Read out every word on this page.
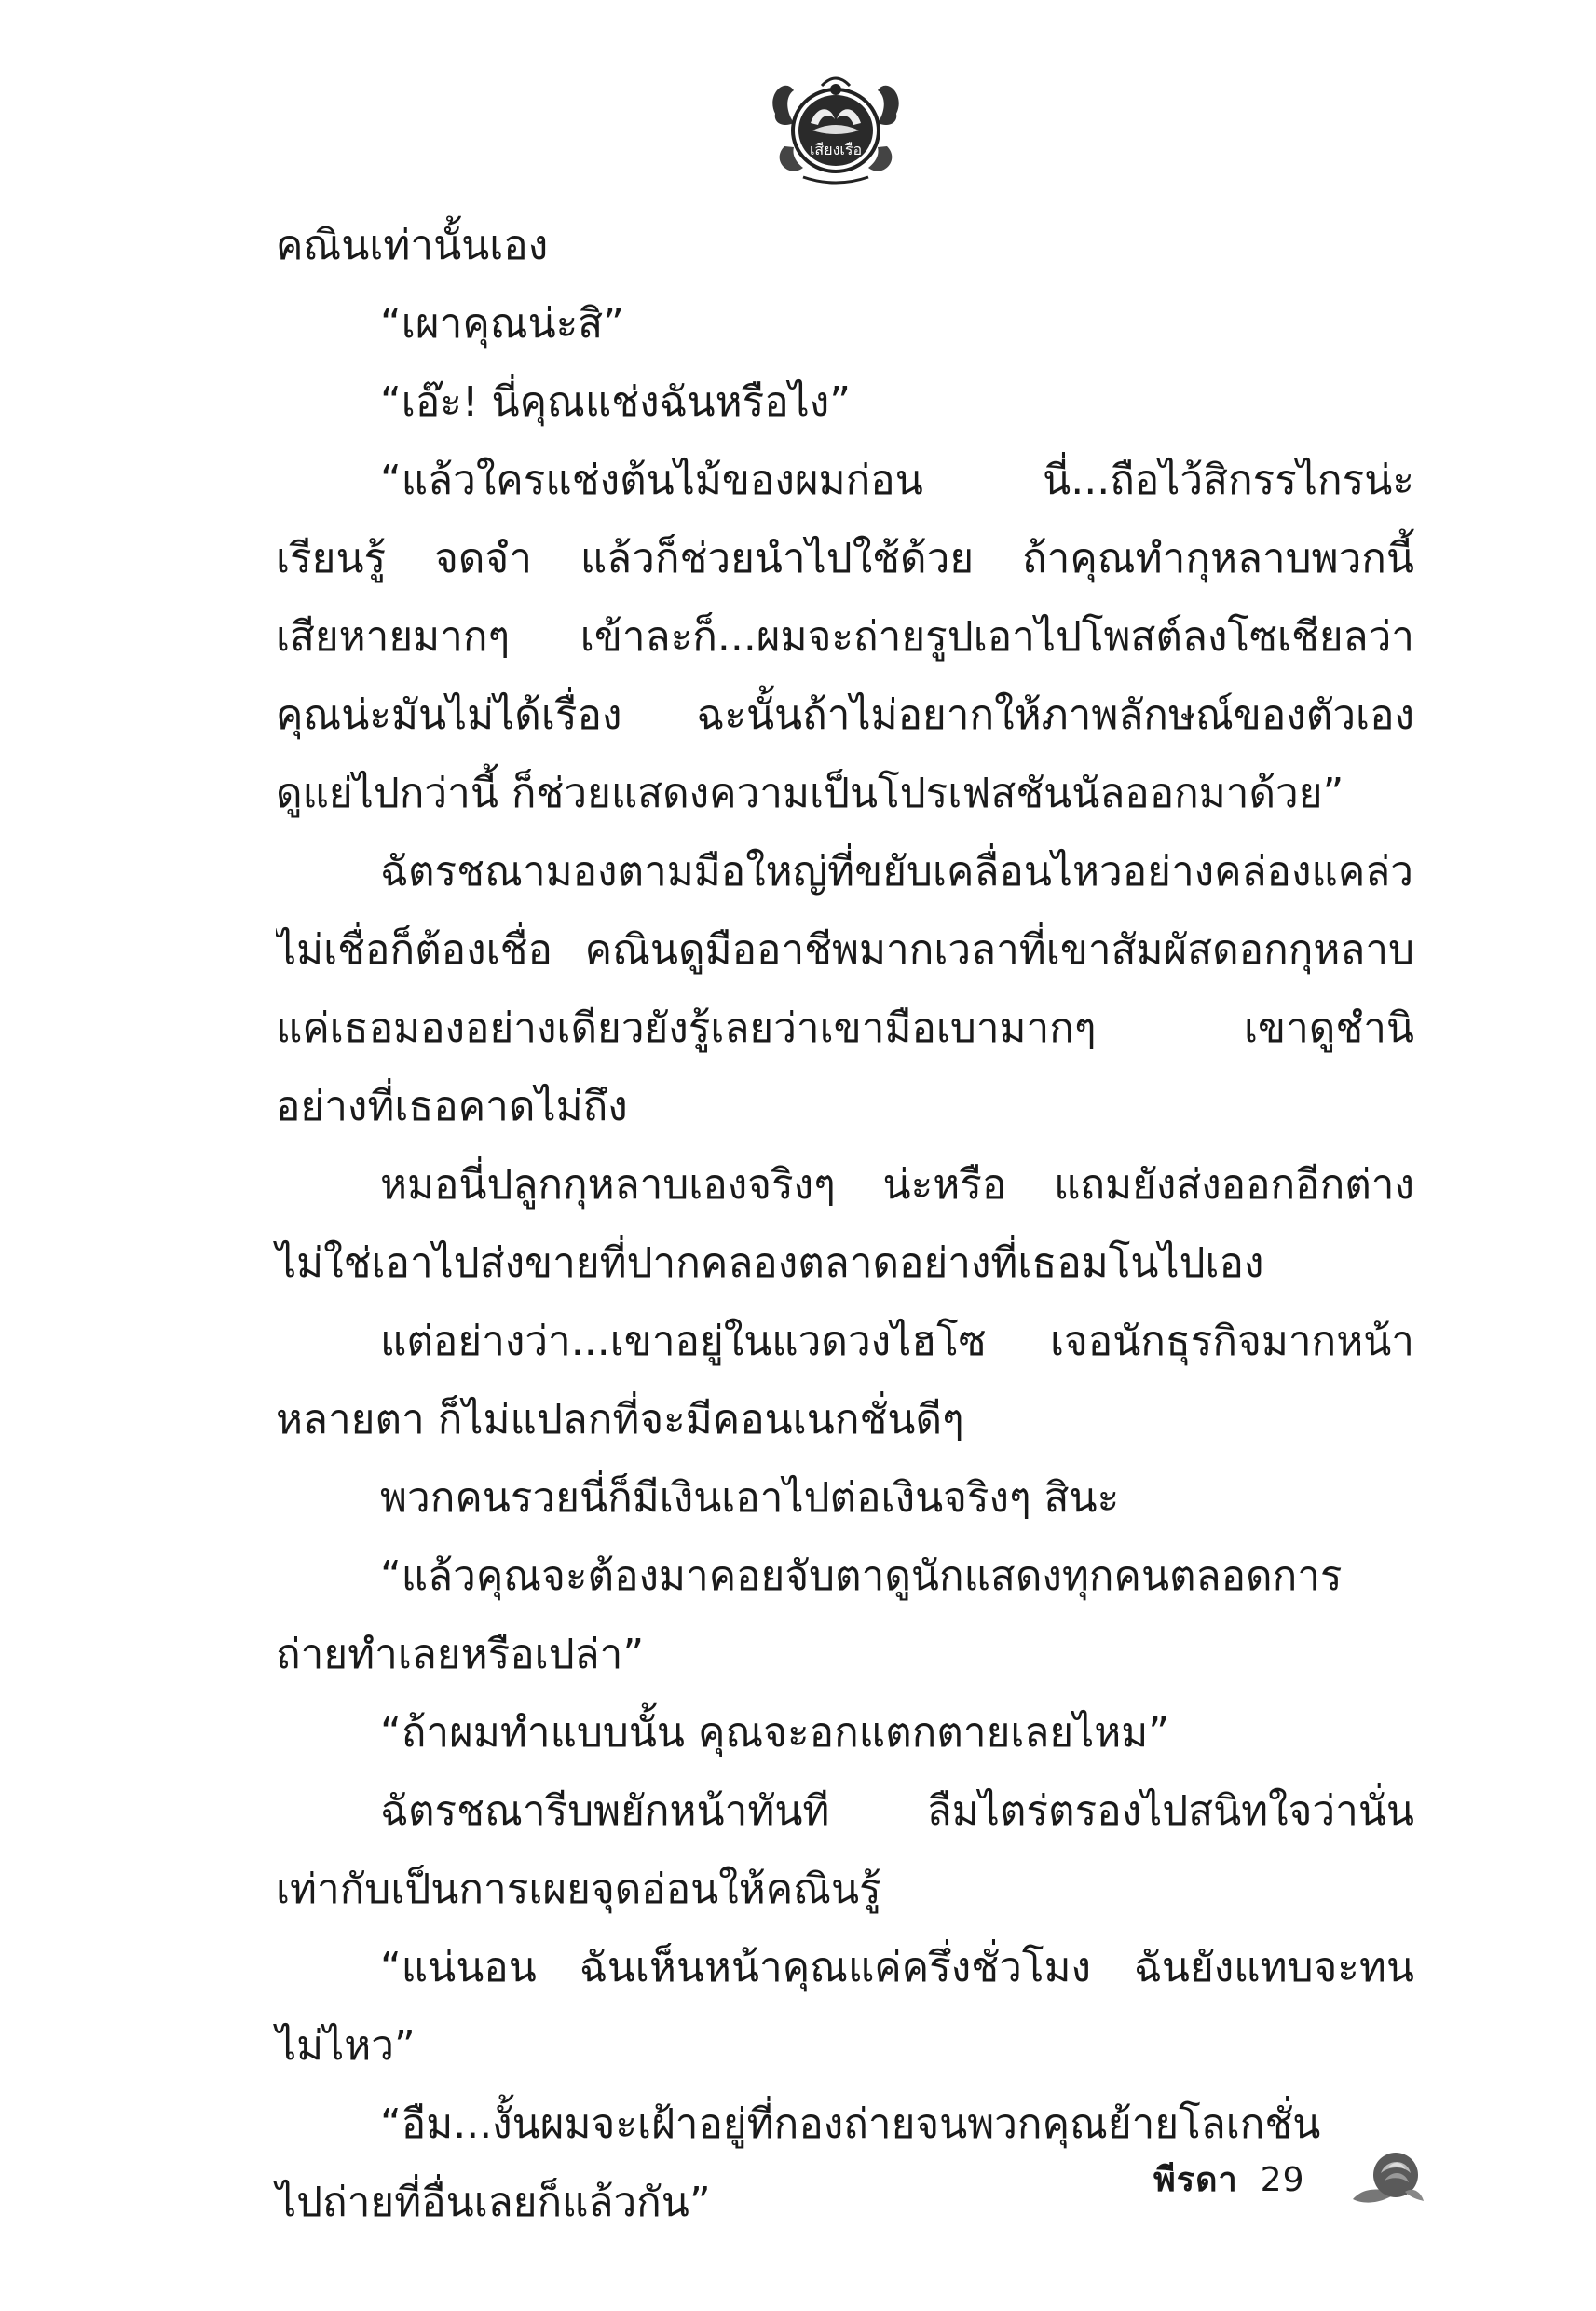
เสียงเรือ
คณินเท่านั้นเอง
“เผาคุณน่ะสิ”
“เอ๊ะ! นี่คุณแช่งฉันหรือไง”
“แล้วใครแช่งต้นไม้ของผมก่อน นี่...ถือไว้สิกรรไกรน่ะ
เรียนรู้ จดจำ แล้วก็ช่วยนำไปใช้ด้วย ถ้าคุณทำกุหลาบพวกนี้
เสียหายมากๆ เข้าละก็...ผมจะถ่ายรูปเอาไปโพสต์ลงโซเชียลว่า
คุณน่ะมันไม่ได้เรื่อง ฉะนั้นถ้าไม่อยากให้ภาพลักษณ์ของตัวเอง
ดูแย่ไปกว่านี้ ก็ช่วยแสดงความเป็นโปรเฟสชันนัลออกมาด้วย”
ฉัตรชณามองตามมือใหญ่ที่ขยับเคลื่อนไหวอย่างคล่องแคล่ว
ไม่เชื่อก็ต้องเชื่อ คณินดูมืออาชีพมากเวลาที่เขาสัมผัสดอกกุหลาบ
แค่เธอมองอย่างเดียวยังรู้เลยว่าเขามือเบามากๆ เขาดูชำนิ
อย่างที่เธอคาดไม่ถึง
หมอนี่ปลูกกุหลาบเองจริงๆ น่ะหรือ แถมยังส่งออกอีกต่าง
ไม่ใช่เอาไปส่งขายที่ปากคลองตลาดอย่างที่เธอมโนไปเอง
แต่อย่างว่า...เขาอยู่ในแวดวงไฮโซ เจอนักธุรกิจมากหน้า
หลายตา ก็ไม่แปลกที่จะมีคอนเนกชั่นดีๆ
พวกคนรวยนี่ก็มีเงินเอาไปต่อเงินจริงๆ สินะ
“แล้วคุณจะต้องมาคอยจับตาดูนักแสดงทุกคนตลอดการ
ถ่ายทำเลยหรือเปล่า”
“ถ้าผมทำแบบนั้น คุณจะอกแตกตายเลยไหม”
ฉัตรชณารีบพยักหน้าทันที ลืมไตร่ตรองไปสนิทใจว่านั่น
เท่ากับเป็นการเผยจุดอ่อนให้คณินรู้
“แน่นอน ฉันเห็นหน้าคุณแค่ครึ่งชั่วโมง ฉันยังแทบจะทน
ไม่ไหว”
“อืม...งั้นผมจะเฝ้าอยู่ที่กองถ่ายจนพวกคุณย้ายโลเกชั่น
ไปถ่ายที่อื่นเลยก็แล้วกัน”	พีรดา 29
